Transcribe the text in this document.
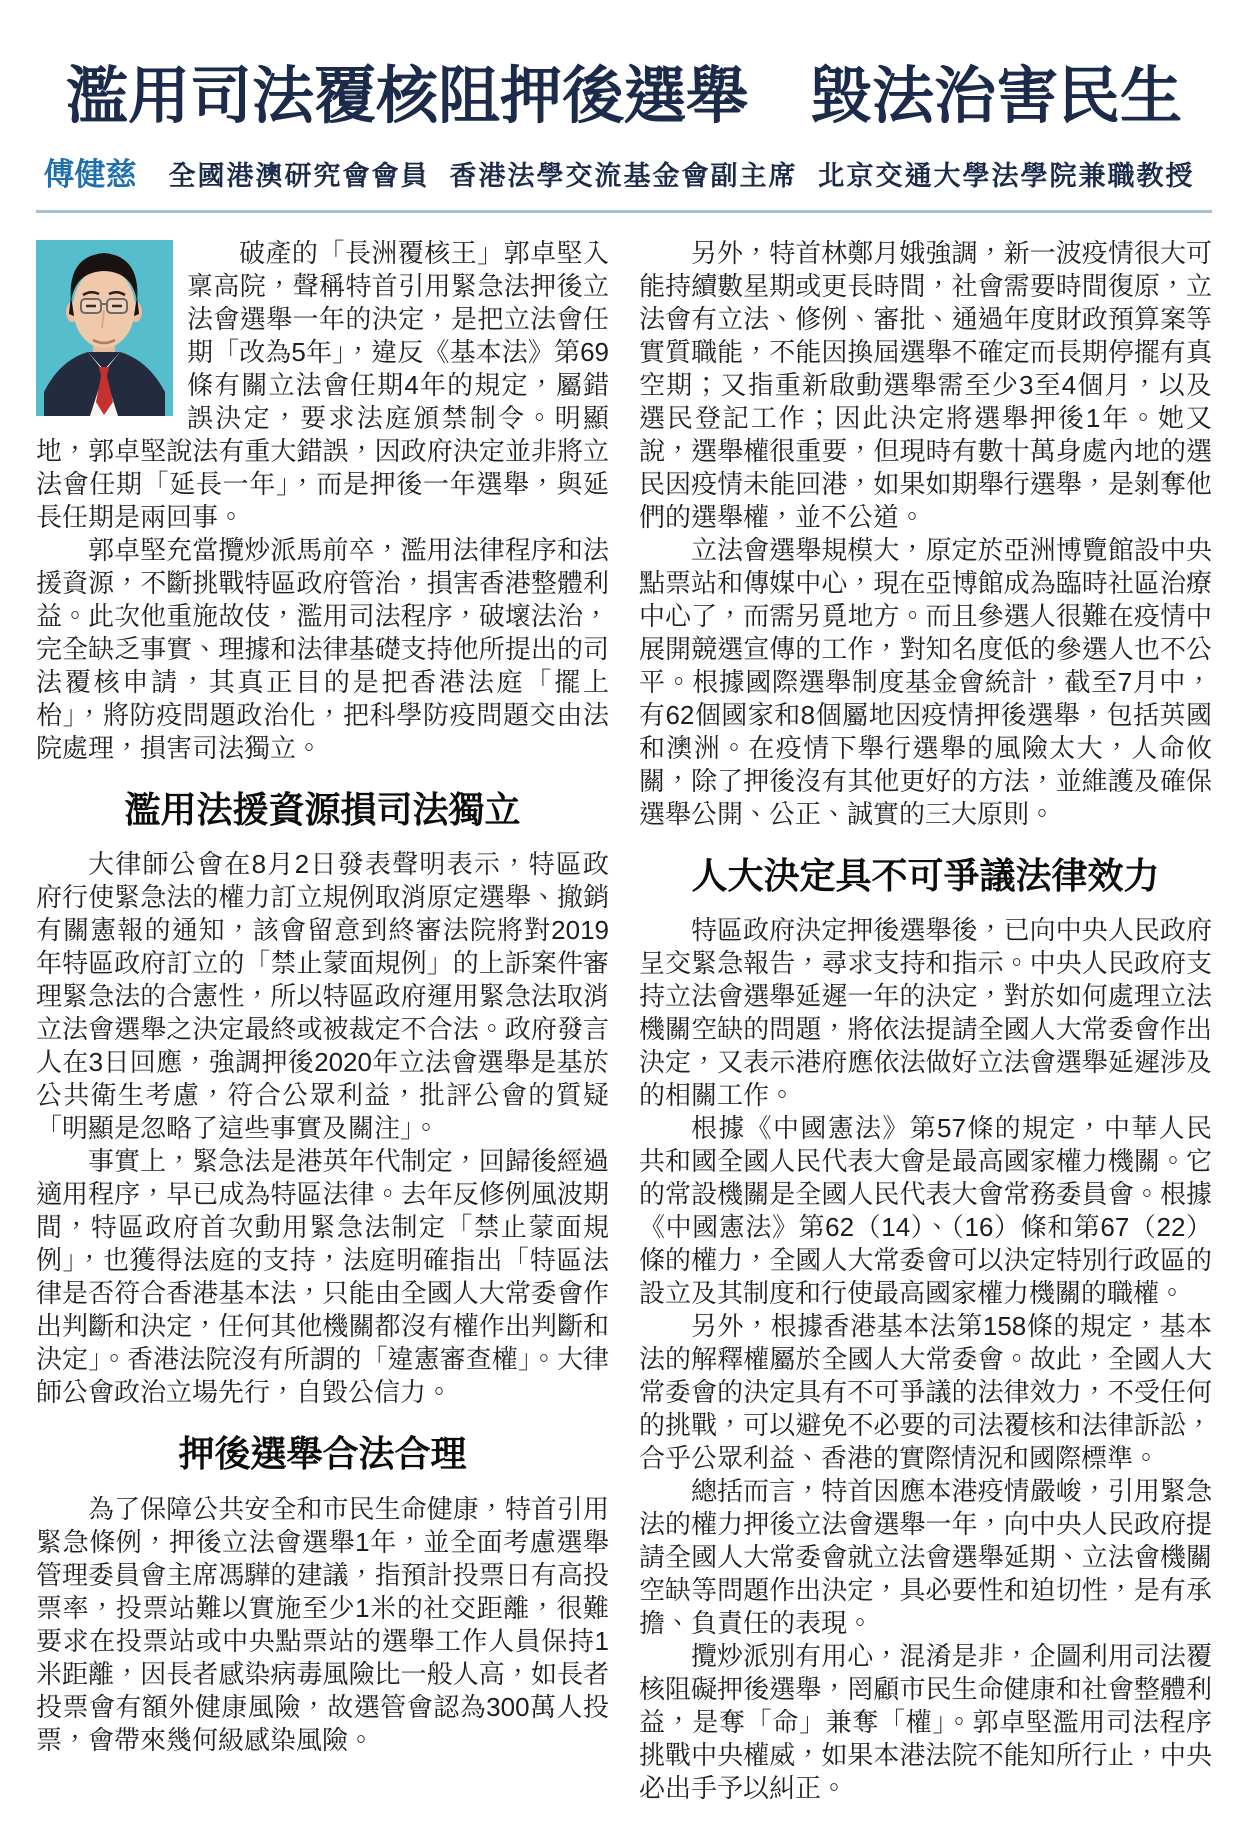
濫用司法覆核阻押後選舉　毀法治害民生
傅健慈 全國港澳研究會會員 香港法學交流基金會副主席 北京交通大學法學院兼職教授

破產的「長洲覆核王」郭卓堅入稟高院，聲稱特首引用緊急法押後立法會選舉一年的決定，是把立法會任期「改為5年」，違反《基本法》第69條有關立法會任期4年的規定，屬錯誤決定，要求法庭頒禁制令。明顯地，郭卓堅說法有重大錯誤，因政府決定並非將立法會任期「延長一年」，而是押後一年選舉，與延長任期是兩回事。

郭卓堅充當攬炒派馬前卒，濫用法律程序和法援資源，不斷挑戰特區政府管治，損害香港整體利益。此次他重施故伎，濫用司法程序，破壞法治，完全缺乏事實、理據和法律基礎支持他所提出的司法覆核申請，其真正目的是把香港法庭「擺上枱」，將防疫問題政治化，把科學防疫問題交由法院處理，損害司法獨立。

濫用法援資源損司法獨立

大律師公會在8月2日發表聲明表示，特區政府行使緊急法的權力訂立規例取消原定選舉、撤銷有關憲報的通知，該會留意到終審法院將對2019年特區政府訂立的「禁止蒙面規例」的上訴案件審理緊急法的合憲性，所以特區政府運用緊急法取消立法會選舉之決定最終或被裁定不合法。政府發言人在3日回應，強調押後2020年立法會選舉是基於公共衛生考慮，符合公眾利益，批評公會的質疑「明顯是忽略了這些事實及關注」。

事實上，緊急法是港英年代制定，回歸後經過適用程序，早已成為特區法律。去年反修例風波期間，特區政府首次動用緊急法制定「禁止蒙面規例」，也獲得法庭的支持，法庭明確指出「特區法律是否符合香港基本法，只能由全國人大常委會作出判斷和決定，任何其他機關都沒有權作出判斷和決定」。香港法院沒有所謂的「違憲審查權」。大律師公會政治立場先行，自毀公信力。

押後選舉合法合理

為了保障公共安全和市民生命健康，特首引用緊急條例，押後立法會選舉1年，並全面考慮選舉管理委員會主席馮驊的建議，指預計投票日有高投票率，投票站難以實施至少1米的社交距離，很難要求在投票站或中央點票站的選舉工作人員保持1米距離，因長者感染病毒風險比一般人高，如長者投票會有額外健康風險，故選管會認為300萬人投票，會帶來幾何級感染風險。

另外，特首林鄭月娥強調，新一波疫情很大可能持續數星期或更長時間，社會需要時間復原，立法會有立法、修例、審批、通過年度財政預算案等實質職能，不能因換屆選舉不確定而長期停擺有真空期；又指重新啟動選舉需至少3至4個月，以及選民登記工作；因此決定將選舉押後1年。她又說，選舉權很重要，但現時有數十萬身處內地的選民因疫情未能回港，如果如期舉行選舉，是剝奪他們的選舉權，並不公道。

立法會選舉規模大，原定於亞洲博覽館設中央點票站和傳媒中心，現在亞博館成為臨時社區治療中心了，而需另覓地方。而且參選人很難在疫情中展開競選宣傳的工作，對知名度低的參選人也不公平。根據國際選舉制度基金會統計，截至7月中，有62個國家和8個屬地因疫情押後選舉，包括英國和澳洲。在疫情下舉行選舉的風險太大，人命攸關，除了押後沒有其他更好的方法，並維護及確保選舉公開、公正、誠實的三大原則。

人大決定具不可爭議法律效力

特區政府決定押後選舉後，已向中央人民政府呈交緊急報告，尋求支持和指示。中央人民政府支持立法會選舉延遲一年的決定，對於如何處理立法機關空缺的問題，將依法提請全國人大常委會作出決定，又表示港府應依法做好立法會選舉延遲涉及的相關工作。

根據《中國憲法》第57條的規定，中華人民共和國全國人民代表大會是最高國家權力機關。它的常設機關是全國人民代表大會常務委員會。根據《中國憲法》第62（14）、（16）條和第67（22）條的權力，全國人大常委會可以決定特別行政區的設立及其制度和行使最高國家權力機關的職權。

另外，根據香港基本法第158條的規定，基本法的解釋權屬於全國人大常委會。故此，全國人大常委會的決定具有不可爭議的法律效力，不受任何的挑戰，可以避免不必要的司法覆核和法律訴訟，合乎公眾利益、香港的實際情況和國際標準。

總括而言，特首因應本港疫情嚴峻，引用緊急法的權力押後立法會選舉一年，向中央人民政府提請全國人大常委會就立法會選舉延期、立法會機關空缺等問題作出決定，具必要性和迫切性，是有承擔、負責任的表現。

攬炒派別有用心，混淆是非，企圖利用司法覆核阻礙押後選舉，罔顧市民生命健康和社會整體利益，是奪「命」兼奪「權」。郭卓堅濫用司法程序挑戰中央權威，如果本港法院不能知所行止，中央必出手予以糾正。
